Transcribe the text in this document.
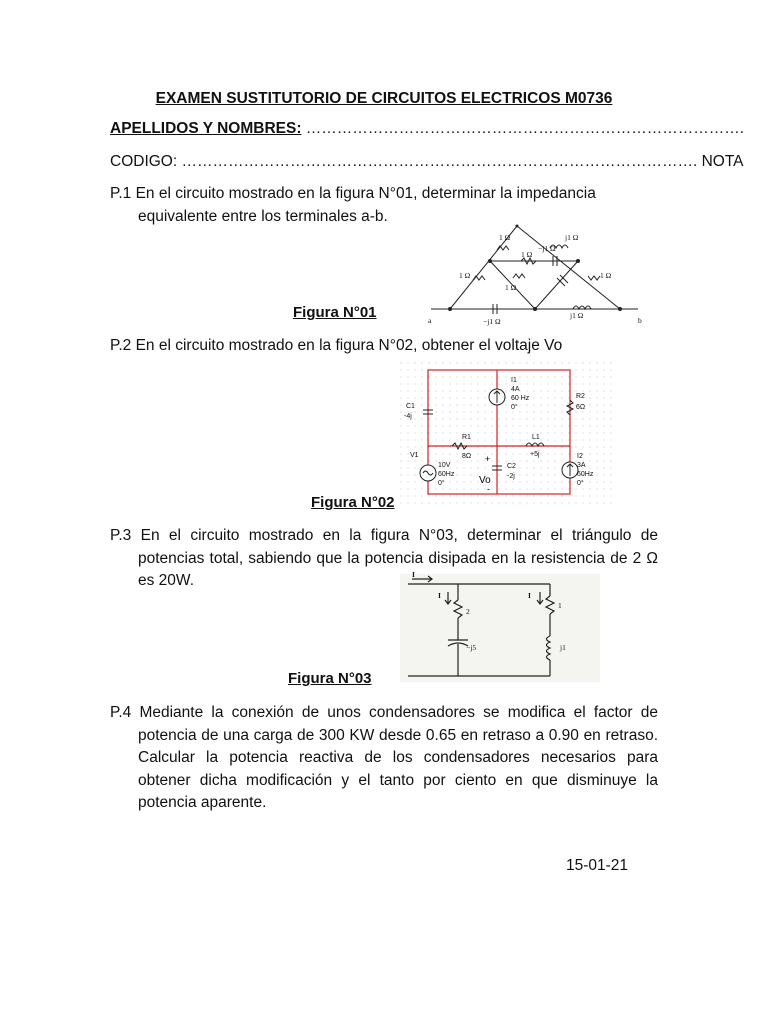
EXAMEN SUSTITUTORIO DE CIRCUITOS ELECTRICOS M0736
APELLIDOS Y NOMBRES: ………………………………………………………………………….
CODIGO: ………………………………………………………………………………………. NOTA
P.1 En el circuito mostrado en la figura N°01, determinar la impedancia equivalente entre los terminales a-b.
1 Ω	j1 Ω
−j1 Ω
1 Ω
1 Ω	1 Ω
1 Ω
−j1 Ω
j1 Ω
a	b
Figura N°01
P.2 En el circuito mostrado en la figura N°02, obtener el voltaje Vo
I1
4A
60 Hz
0°
C1
-4j
R2
6Ω
R1
8Ω
L1
+5j
V1
10V
60Hz
0°
C2
-2j
I2
3A
60Hz
0°
Vo
+
-
Figura N°02
P.3 En el circuito mostrado en la figura N°03, determinar el triángulo de potencias total, sabiendo que la potencia disipada en la resistencia de 2 Ω es 20W.	I
I	I
2
1
−j5	j1
Figura N°03
P.4 Mediante la conexión de unos condensadores se modifica el factor de potencia de una carga de 300 KW desde 0.65 en retraso a 0.90 en retraso. Calcular la potencia reactiva de los condensadores necesarios para obtener dicha modificación y el tanto por ciento en que disminuye la potencia aparente.
15-01-21
